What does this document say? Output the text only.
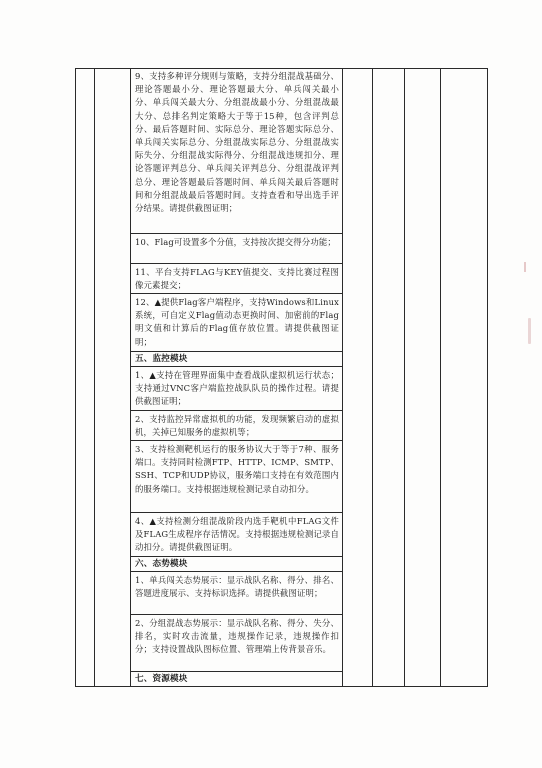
9、支持多种评分规则与策略，支持分组混战基础分、理论答题最小分、理论答题最大分、单兵闯关最小分、单兵闯关最大分、分组混战最小分、分组混战最大分、总排名判定策略大于等于15种，包含评判总分、最后答题时间、实际总分、理论答题实际总分、单兵闯关实际总分、分组混战实际总分、分组混战实际失分、分组混战实际得分、分组混战违规扣分、理论答题评判总分、单兵闯关评判总分、分组混战评判总分、理论答题最后答题时间、单兵闯关最后答题时间和分组混战最后答题时间。支持查看和导出选手评分结果。请提供截图证明；
10、Flag可设置多个分值，支持按次提交得分功能；
11、平台支持FLAG与KEY值提交、支持比赛过程图像元素提交；
12、▲提供Flag客户端程序，支持Windows和Linux系统，可自定义Flag值动态更换时间、加密前的Flag明文值和计算后的Flag值存放位置。请提供截图证明；
五、监控模块
1、▲支持在管理界面集中查看战队虚拟机运行状态；支持通过VNC客户端监控战队队员的操作过程。请提供截图证明；
2、支持监控异常虚拟机的功能，发现频繁启动的虚拟机，关掉已知服务的虚拟机等；
3、支持检测靶机运行的服务协议大于等于7种、服务端口。支持同时检测FTP、HTTP、ICMP、SMTP、SSH、TCP和UDP协议，服务端口支持在有效范围内的服务端口。支持根据违规检测记录自动扣分。
4、▲支持检测分组混战阶段内选手靶机中FLAG文件及FLAG生成程序存活情况。支持根据违规检测记录自动扣分。请提供截图证明。
六、态势模块
1、单兵闯关态势展示：显示战队名称、得分、排名、答题进度展示、支持标识选择。请提供截图证明；
2、分组混战态势展示：显示战队名称、得分、失分、排名，实时攻击流量，违规操作记录，违规操作扣分；支持设置战队图标位置、管理端上传背景音乐。
七、资源模块
